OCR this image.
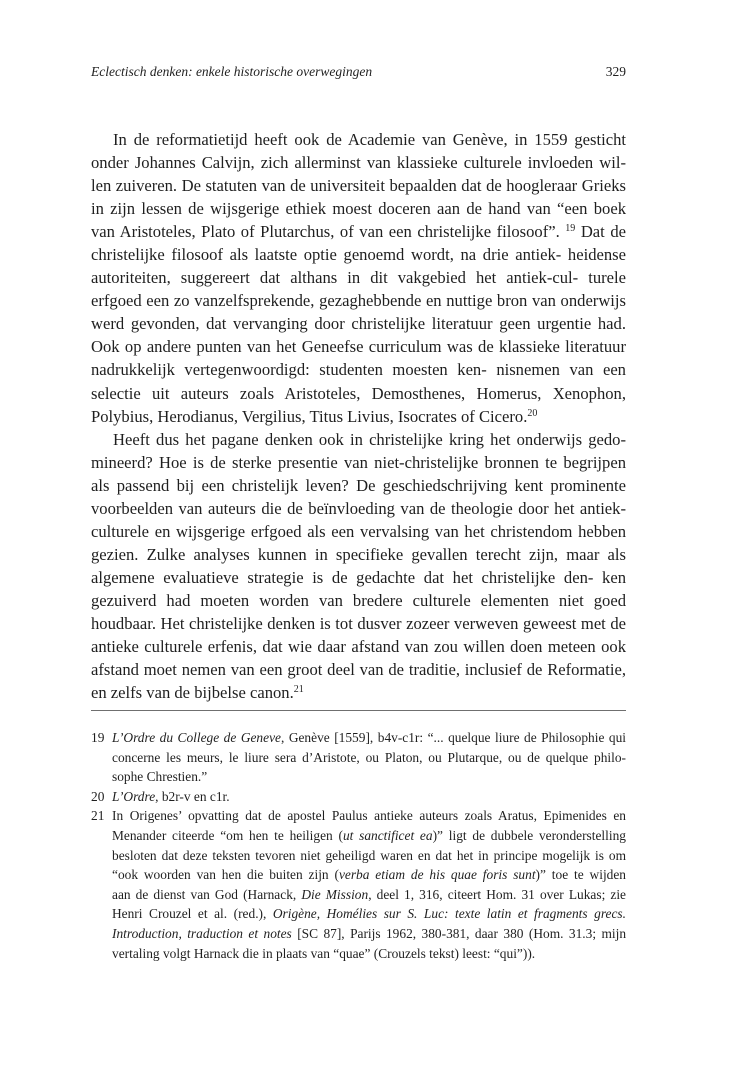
Eclectisch denken: enkele historische overwegingen	329

In de reformatietijd heeft ook de Academie van Genève, in 1559 gesticht onder Johannes Calvijn, zich allerminst van klassieke culturele invloeden wil- len zuiveren. De statuten van de universiteit bepaalden dat de hoogleraar Grieks in zijn lessen de wijsgerige ethiek moest doceren aan de hand van “een boek van Aristoteles, Plato of Plutarchus, of van een christelijke filosoof”. $^{19}$ Dat de christelijke filosoof als laatste optie genoemd wordt, na drie antiek- heidense autoriteiten, suggereert dat althans in dit vakgebied het antiek-cul- turele erfgoed een zo vanzelfsprekende, gezaghebbende en nuttige bron van onderwijs werd gevonden, dat vervanging door christelijke literatuur geen urgentie had. Ook op andere punten van het Geneefse curriculum was de klassieke literatuur nadrukkelijk vertegenwoordigd: studenten moesten ken- nisnemen van een selectie uit auteurs zoals Aristoteles, Demosthenes, Homerus, Xenophon, Polybius, Herodianus, Vergilius, Titus Livius, Isocrates of Cicero.$^{20}$

Heeft dus het pagane denken ook in christelijke kring het onderwijs gedo- mineerd? Hoe is de sterke presentie van niet-christelijke bronnen te begrijpen als passend bij een christelijk leven? De geschiedschrijving kent prominente voorbeelden van auteurs die de beïnvloeding van de theologie door het antiek-culturele en wijsgerige erfgoed als een vervalsing van het christendom hebben gezien. Zulke analyses kunnen in specifieke gevallen terecht zijn, maar als algemene evaluatieve strategie is de gedachte dat het christelijke den- ken gezuiverd had moeten worden van bredere culturele elementen niet goed houdbaar. Het christelijke denken is tot dusver zozeer verweven geweest met de antieke culturele erfenis, dat wie daar afstand van zou willen doen meteen ook afstand moet nemen van een groot deel van de traditie, inclusief de Reformatie, en zelfs van de bijbelse canon.$^{21}$

19 L’Ordre du College de Geneve, Genève [1559], b4v-c1r: “... quelque liure de Philosophie qui
concerne les meurs, le liure sera d’Aristote, ou Platon, ou Plutarque, ou de quelque philo-
sophe Chrestien.”
20 L’Ordre, b2r-v en c1r.
21 In Origenes’ opvatting dat de apostel Paulus antieke auteurs zoals Aratus, Epimenides en
Menander citeerde “om hen te heiligen (ut sanctificet ea)” ligt de dubbele veronderstelling
besloten dat deze teksten tevoren niet geheiligd waren en dat het in principe mogelijk is om
“ook woorden van hen die buiten zijn (verba etiam de his quae foris sunt)” toe te wijden
aan de dienst van God (Harnack, Die Mission, deel 1, 316, citeert Hom. 31 over Lukas; zie
Henri Crouzel et al. (red.), Origène, Homélies sur S. Luc: texte latin et fragments grecs.
Introduction, traduction et notes [SC 87], Parijs 1962, 380-381, daar 380 (Hom. 31.3; mijn
vertaling volgt Harnack die in plaats van “quae” (Crouzels tekst) leest: “qui”)).
